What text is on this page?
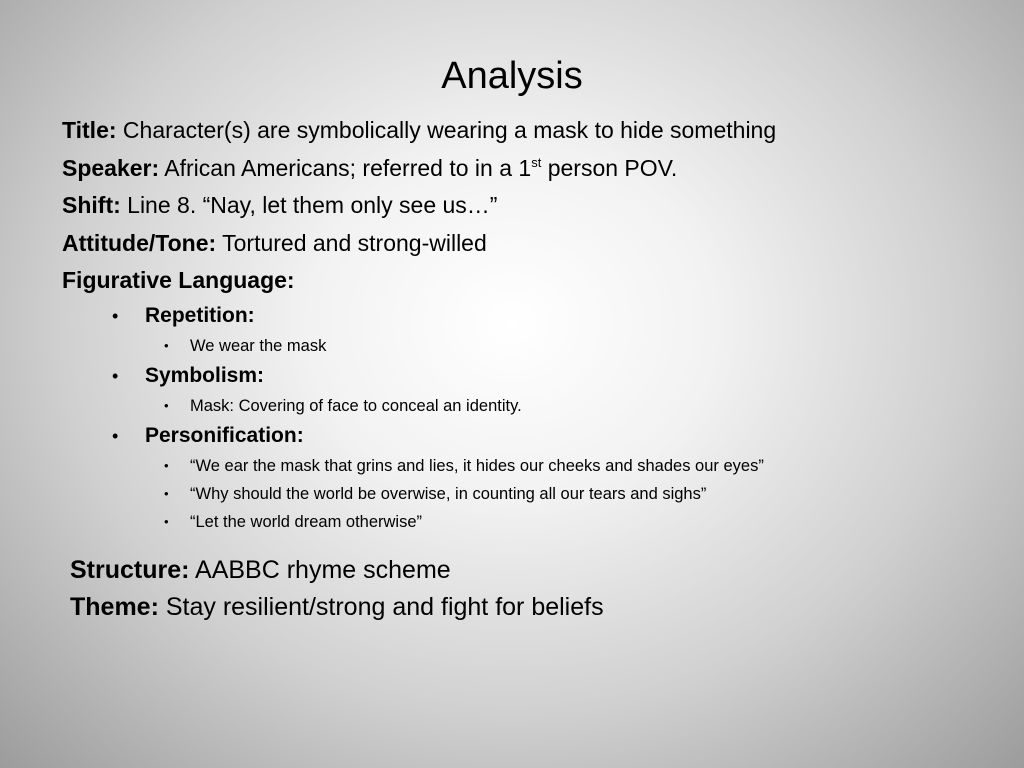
Analysis
Title: Character(s) are symbolically wearing a mask to hide something
Speaker: African Americans; referred to in a 1st person POV.
Shift: Line 8. “Nay, let them only see us…”
Attitude/Tone: Tortured and strong-willed
Figurative Language:
• Repetition:
• We wear the mask
• Symbolism:
• Mask: Covering of face to conceal an identity.
• Personification:
• “We ear the mask that grins and lies, it hides our cheeks and shades our eyes”
• “Why should the world be overwise, in counting all our tears and sighs”
• “Let the world dream otherwise”
Structure: AABBC rhyme scheme
Theme: Stay resilient/strong and fight for beliefs
